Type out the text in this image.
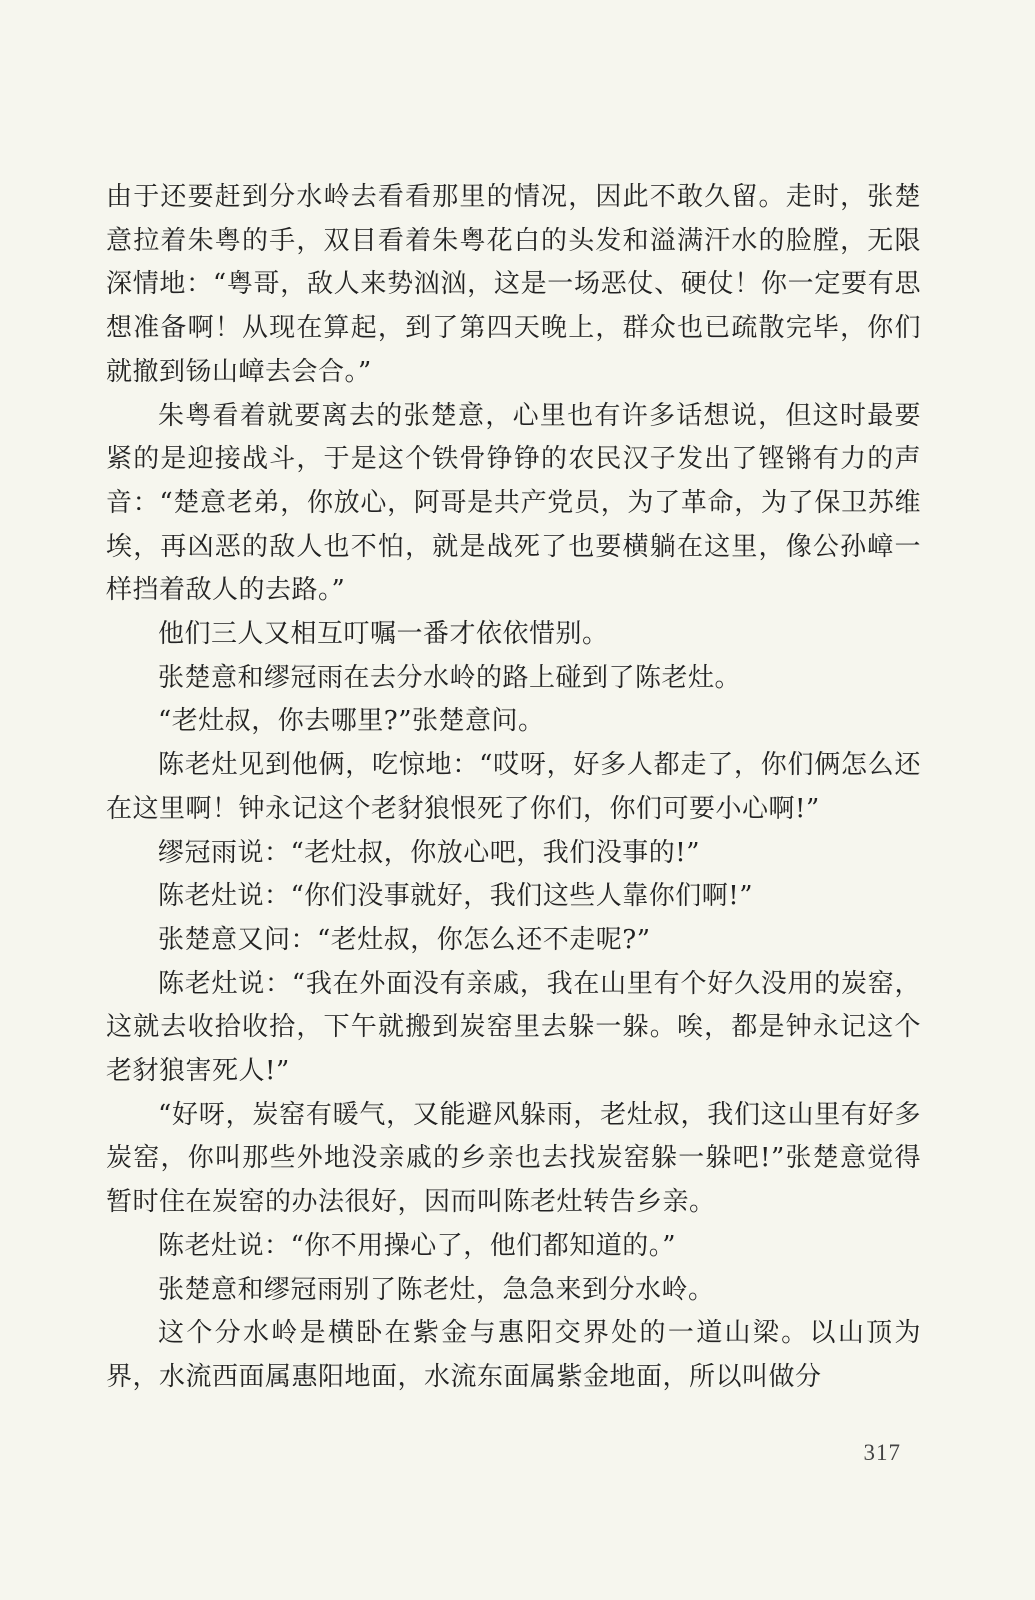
由于还要赶到分水岭去看看那里的情况，因此不敢久留。走时，张楚意拉着朱粤的手，双目看着朱粤花白的头发和溢满汗水的脸膛，无限深情地：“粤哥，敌人来势汹汹，这是一场恶仗、硬仗！你一定要有思想准备啊！从现在算起，到了第四天晚上，群众也已疏散完毕，你们就撤到钖山嶂去会合。”

朱粤看着就要离去的张楚意，心里也有许多话想说，但这时最要紧的是迎接战斗，于是这个铁骨铮铮的农民汉子发出了铿锵有力的声音：“楚意老弟，你放心，阿哥是共产党员，为了革命，为了保卫苏维埃，再凶恶的敌人也不怕，就是战死了也要横躺在这里，像公孙嶂一样挡着敌人的去路。”

他们三人又相互叮嘱一番才依依惜别。

张楚意和缪冠雨在去分水岭的路上碰到了陈老灶。

“老灶叔，你去哪里?”张楚意问。

陈老灶见到他俩，吃惊地：“哎呀，好多人都走了，你们俩怎么还在这里啊！钟永记这个老豺狼恨死了你们，你们可要小心啊!”

缪冠雨说：“老灶叔，你放心吧，我们没事的!”

陈老灶说：“你们没事就好，我们这些人靠你们啊!”

张楚意又问：“老灶叔，你怎么还不走呢?”

陈老灶说：“我在外面没有亲戚，我在山里有个好久没用的炭窑，这就去收拾收拾，下午就搬到炭窑里去躲一躲。唉，都是钟永记这个老豺狼害死人!”

“好呀，炭窑有暖气，又能避风躲雨，老灶叔，我们这山里有好多炭窑，你叫那些外地没亲戚的乡亲也去找炭窑躲一躲吧!”张楚意觉得暂时住在炭窑的办法很好，因而叫陈老灶转告乡亲。

陈老灶说：“你不用操心了，他们都知道的。”

张楚意和缪冠雨别了陈老灶，急急来到分水岭。

这个分水岭是横卧在紫金与惠阳交界处的一道山梁。以山顶为界，水流西面属惠阳地面，水流东面属紫金地面，所以叫做分

317
